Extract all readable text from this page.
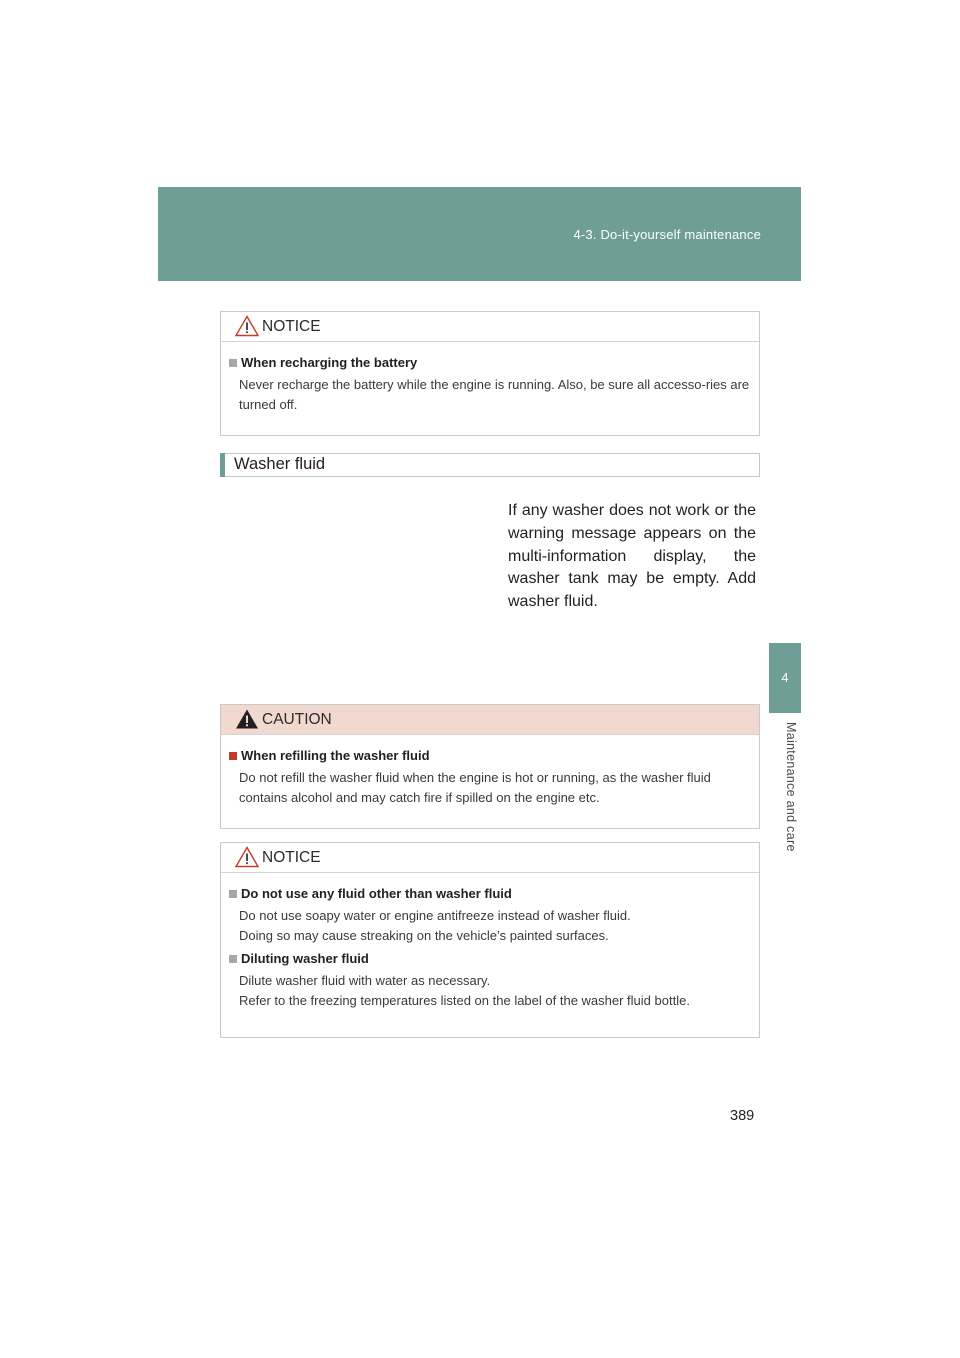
4-3. Do-it-yourself maintenance
4
Maintenance and care
NOTICE
When recharging the battery
Never recharge the battery while the engine is running. Also, be sure all accesso-ries are turned off.
Washer fluid
If any washer does not work or the warning message appears on the multi-information display, the washer tank may be empty. Add washer fluid.
CAUTION
When refilling the washer fluid
Do not refill the washer fluid when the engine is hot or running, as the washer fluid contains alcohol and may catch fire if spilled on the engine etc.
NOTICE
Do not use any fluid other than washer fluid
Do not use soapy water or engine antifreeze instead of washer fluid.
Doing so may cause streaking on the vehicle’s painted surfaces.
Diluting washer fluid
Dilute washer fluid with water as necessary.
Refer to the freezing temperatures listed on the label of the washer fluid bottle.
389
